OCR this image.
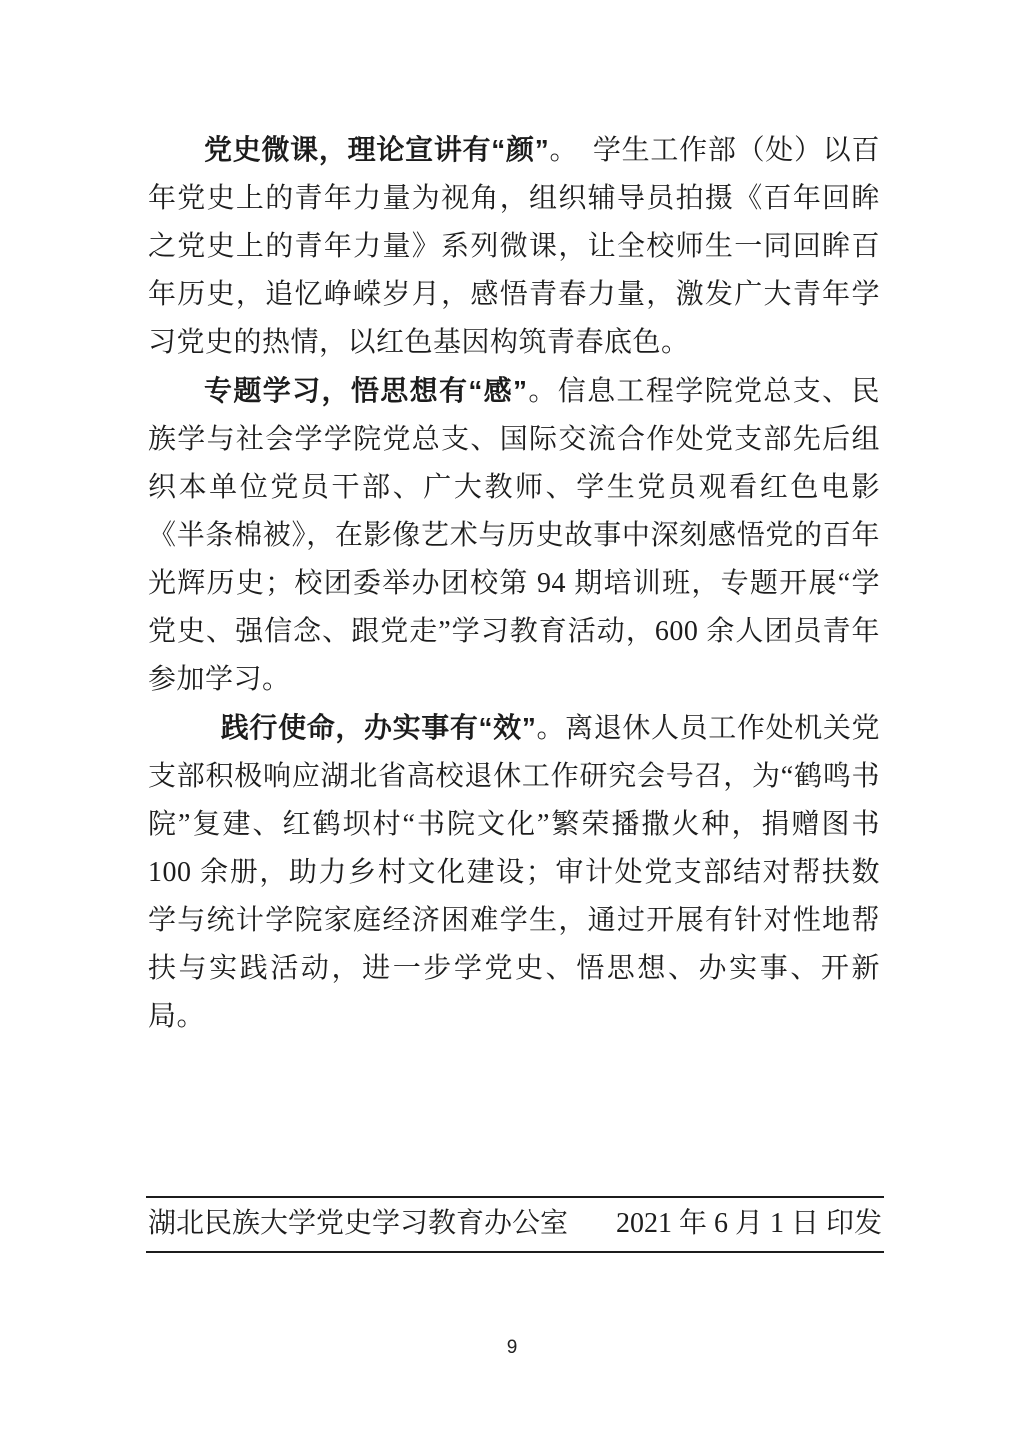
党史微课，理论宣讲有“颜”。　学生工作部（处）以百年党史上的青年力量为视角，组织辅导员拍摄《百年回眸之党史上的青年力量》系列微课，让全校师生一同回眸百年历史，追忆峥嵘岁月，感悟青春力量，激发广大青年学习党史的热情，以红色基因构筑青春底色。

专题学习，悟思想有“感”。信息工程学院党总支、民族学与社会学学院党总支、国际交流合作处党支部先后组织本单位党员干部、广大教师、学生党员观看红色电影《半条棉被》，在影像艺术与历史故事中深刻感悟党的百年光辉历史；校团委举办团校第 94 期培训班，专题开展“学党史、强信念、跟党走”学习教育活动，600 余人团员青年参加学习。

践行使命，办实事有“效”。离退休人员工作处机关党支部积极响应湖北省高校退休工作研究会号召，为“鹤鸣书院”复建、红鹤坝村“书院文化”繁荣播撒火种，捐赠图书 100 余册，助力乡村文化建设；审计处党支部结对帮扶数学与统计学院家庭经济困难学生，通过开展有针对性地帮扶与实践活动，进一步学党史、悟思想、办实事、开新局。

湖北民族大学党史学习教育办公室 2021 年 6 月 1 日 印发
9
